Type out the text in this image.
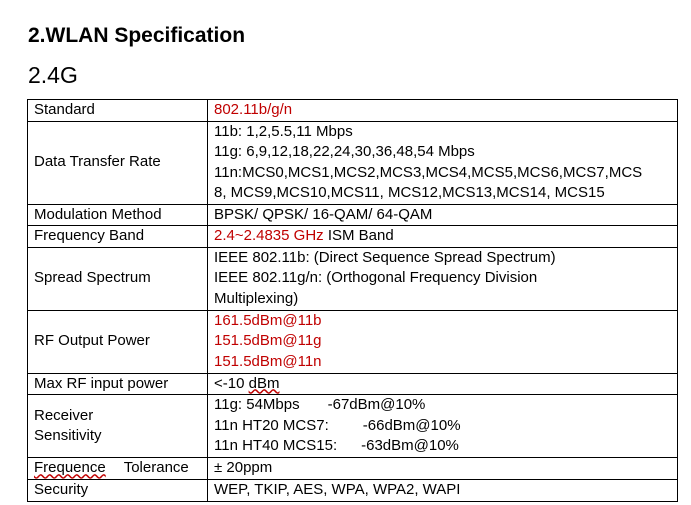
2.WLAN Specification
2.4G
Standard	802.11b/g/n
Data Transfer Rate	11b: 1,2,5.5,11 Mbps
11g: 6,9,12,18,22,24,30,36,48,54 Mbps
11n:MCS0,MCS1,MCS2,MCS3,MCS4,MCS5,MCS6,MCS7,MCS
8, MCS9,MCS10,MCS11, MCS12,MCS13,MCS14, MCS15

Modulation Method	BPSK/ QPSK/ 16-QAM/ 64-QAM
Frequency Band	2.4~2.4835 GHz ISM Band
Spread Spectrum	IEEE 802.11b: (Direct Sequence Spread Spectrum)
IEEE 802.11g/n: (Orthogonal Frequency Division
Multiplexing)

RF Output Power	161.5dBm@11b
151.5dBm@11g
151.5dBm@11n

Max RF input power	<-10 dBm

Receiver
Sensitivity	11g: 54Mbps -67dBm@10%
11n HT20 MCS7: -66dBm@10%
11n HT40 MCS15: -63dBm@10%

Frequence Tolerance	± 20ppm
Security	WEP, TKIP, AES, WPA, WPA2, WAPI
